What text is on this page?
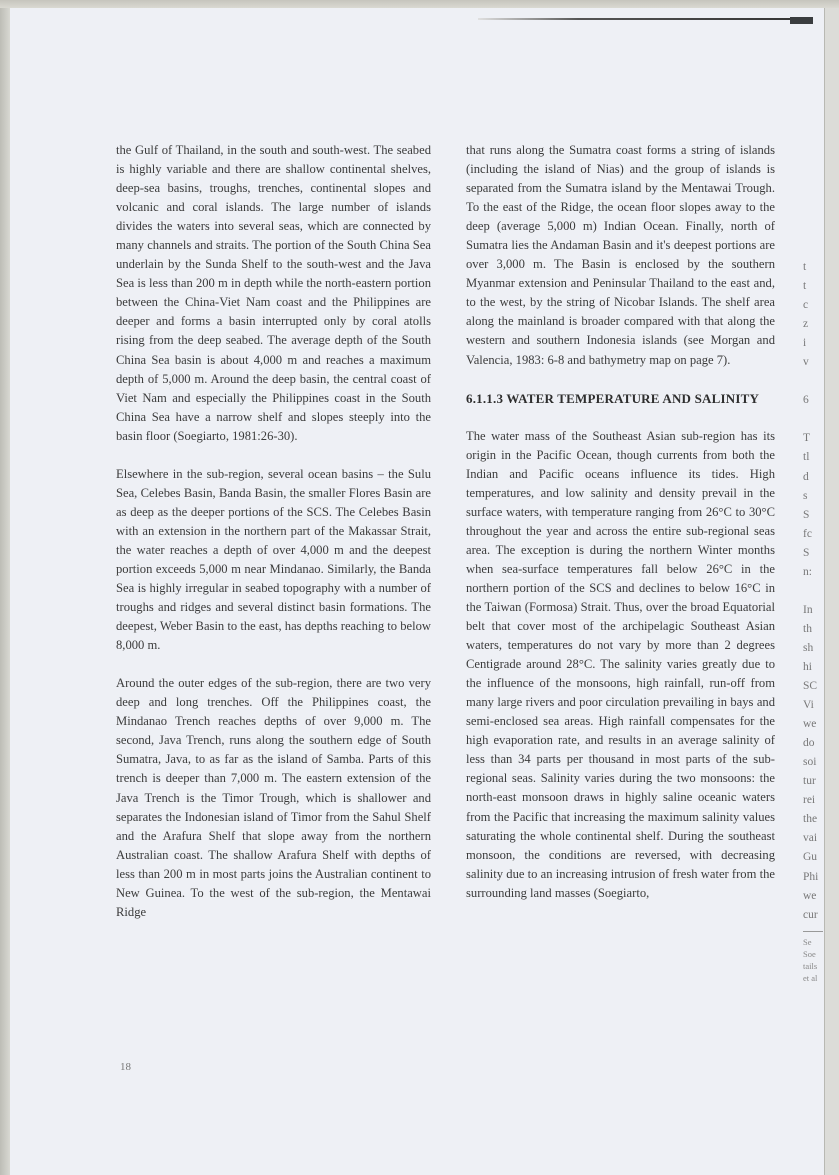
the Gulf of Thailand, in the south and south-west. The seabed is highly variable and there are shallow continental shelves, deep-sea basins, troughs, trenches, continental slopes and volcanic and coral islands. The large number of islands divides the waters into several seas, which are connected by many channels and straits. The portion of the South China Sea underlain by the Sunda Shelf to the south-west and the Java Sea is less than 200 m in depth while the north-eastern portion between the China-Viet Nam coast and the Philippines are deeper and forms a basin interrupted only by coral atolls rising from the deep seabed. The average depth of the South China Sea basin is about 4,000 m and reaches a maximum depth of 5,000 m. Around the deep basin, the central coast of Viet Nam and especially the Philippines coast in the South China Sea have a narrow shelf and slopes steeply into the basin floor (Soegiarto, 1981:26-30).

Elsewhere in the sub-region, several ocean basins – the Sulu Sea, Celebes Basin, Banda Basin, the smaller Flores Basin are as deep as the deeper portions of the SCS. The Celebes Basin with an extension in the northern part of the Makassar Strait, the water reaches a depth of over 4,000 m and the deepest portion exceeds 5,000 m near Mindanao. Similarly, the Banda Sea is highly irregular in seabed topography with a number of troughs and ridges and several distinct basin formations. The deepest, Weber Basin to the east, has depths reaching to below 8,000 m.

Around the outer edges of the sub-region, there are two very deep and long trenches. Off the Philippines coast, the Mindanao Trench reaches depths of over 9,000 m. The second, Java Trench, runs along the southern edge of South Sumatra, Java, to as far as the island of Samba. Parts of this trench is deeper than 7,000 m. The eastern extension of the Java Trench is the Timor Trough, which is shallower and separates the Indonesian island of Timor from the Sahul Shelf and the Arafura Shelf that slope away from the northern Australian coast. The shallow Arafura Shelf with depths of less than 200 m in most parts joins the Australian continent to New Guinea. To the west of the sub-region, the Mentawai Ridge

that runs along the Sumatra coast forms a string of islands (including the island of Nias) and the group of islands is separated from the Sumatra island by the Mentawai Trough. To the east of the Ridge, the ocean floor slopes away to the deep (average 5,000 m) Indian Ocean. Finally, north of Sumatra lies the Andaman Basin and it's deepest portions are over 3,000 m. The Basin is enclosed by the southern Myanmar extension and Peninsular Thailand to the east and, to the west, by the string of Nicobar Islands. The shelf area along the mainland is broader compared with that along the western and southern Indonesia islands (see Morgan and Valencia, 1983: 6-8 and bathymetry map on page 7).

6.1.1.3 WATER TEMPERATURE AND SALINITY

The water mass of the Southeast Asian sub-region has its origin in the Pacific Ocean, though currents from both the Indian and Pacific oceans influence its tides. High temperatures, and low salinity and density prevail in the surface waters, with temperature ranging from 26°C to 30°C throughout the year and across the entire sub-regional seas area. The exception is during the northern Winter months when sea-surface temperatures fall below 26°C in the northern portion of the SCS and declines to below 16°C in the Taiwan (Formosa) Strait. Thus, over the broad Equatorial belt that cover most of the archipelagic Southeast Asian waters, temperatures do not vary by more than 2 degrees Centigrade around 28°C. The salinity varies greatly due to the influence of the monsoons, high rainfall, run-off from many large rivers and poor circulation prevailing in bays and semi-enclosed sea areas. High rainfall compensates for the high evaporation rate, and results in an average salinity of less than 34 parts per thousand in most parts of the sub-regional seas. Salinity varies during the two monsoons: the north-east monsoon draws in highly saline oceanic waters from the Pacific that increasing the maximum salinity values saturating the whole continental shelf. During the southeast monsoon, the conditions are reversed, with decreasing salinity due to an increasing intrusion of fresh water from the surrounding land masses (Soegiarto,

t
t
c
z
i
v
6
T
tl
d
s
S
fc
S
n:
In
th
sh
hi
SC
Vi
we
do
soi
tur
rei
the
vai
Gu
Phi
we
cur
Se
Soe
tails
et al
18
